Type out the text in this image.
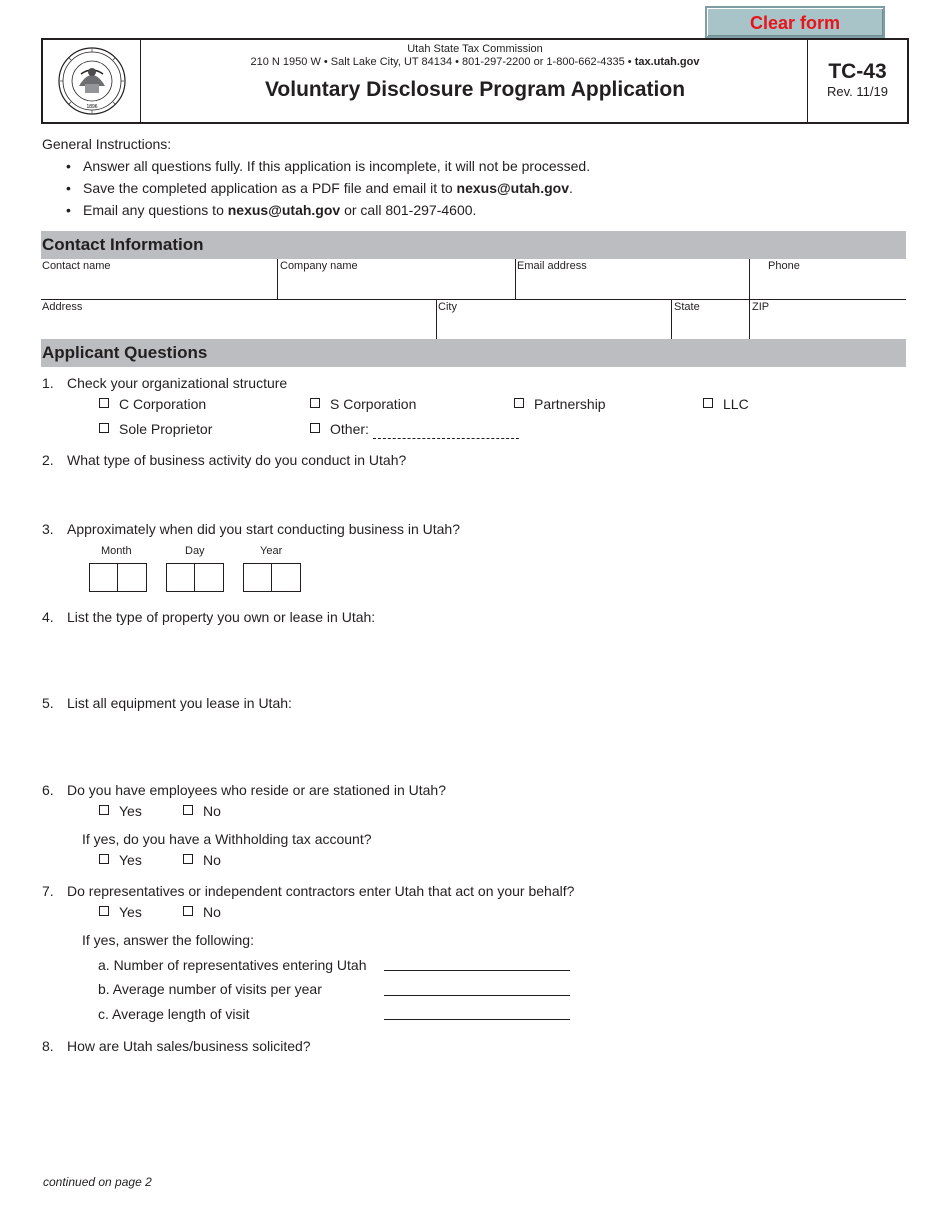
Clear form
1896
Utah State Tax Commission
210 N 1950 W • Salt Lake City, UT 84134 • 801-297-2200 or 1-800-662-4335 • tax.utah.gov
Voluntary Disclosure Program Application
TC-43
Rev. 11/19
General Instructions:
• Answer all questions fully. If this application is incomplete, it will not be processed.
• Save the completed application as a PDF file and email it to nexus@utah.gov.
• Email any questions to nexus@utah.gov or call 801-297-4600.
Contact Information
Contact name	Company name	Email address	Phone
Address	City	State	ZIP
Applicant Questions
1. Check your organizational structure
C Corporation	S Corporation	Partnership	LLC
Sole Proprietor	Other:
2. What type of business activity do you conduct in Utah?
3. Approximately when did you start conducting business in Utah?
Month	Day	Year
4. List the type of property you own or lease in Utah:
5. List all equipment you lease in Utah:
6. Do you have employees who reside or are stationed in Utah?
Yes	No
If yes, do you have a Withholding tax account?
Yes	No
7. Do representatives or independent contractors enter Utah that act on your behalf?
Yes	No
If yes, answer the following:
a. Number of representatives entering Utah
b. Average number of visits per year
c. Average length of visit
8. How are Utah sales/business solicited?
continued on page 2
